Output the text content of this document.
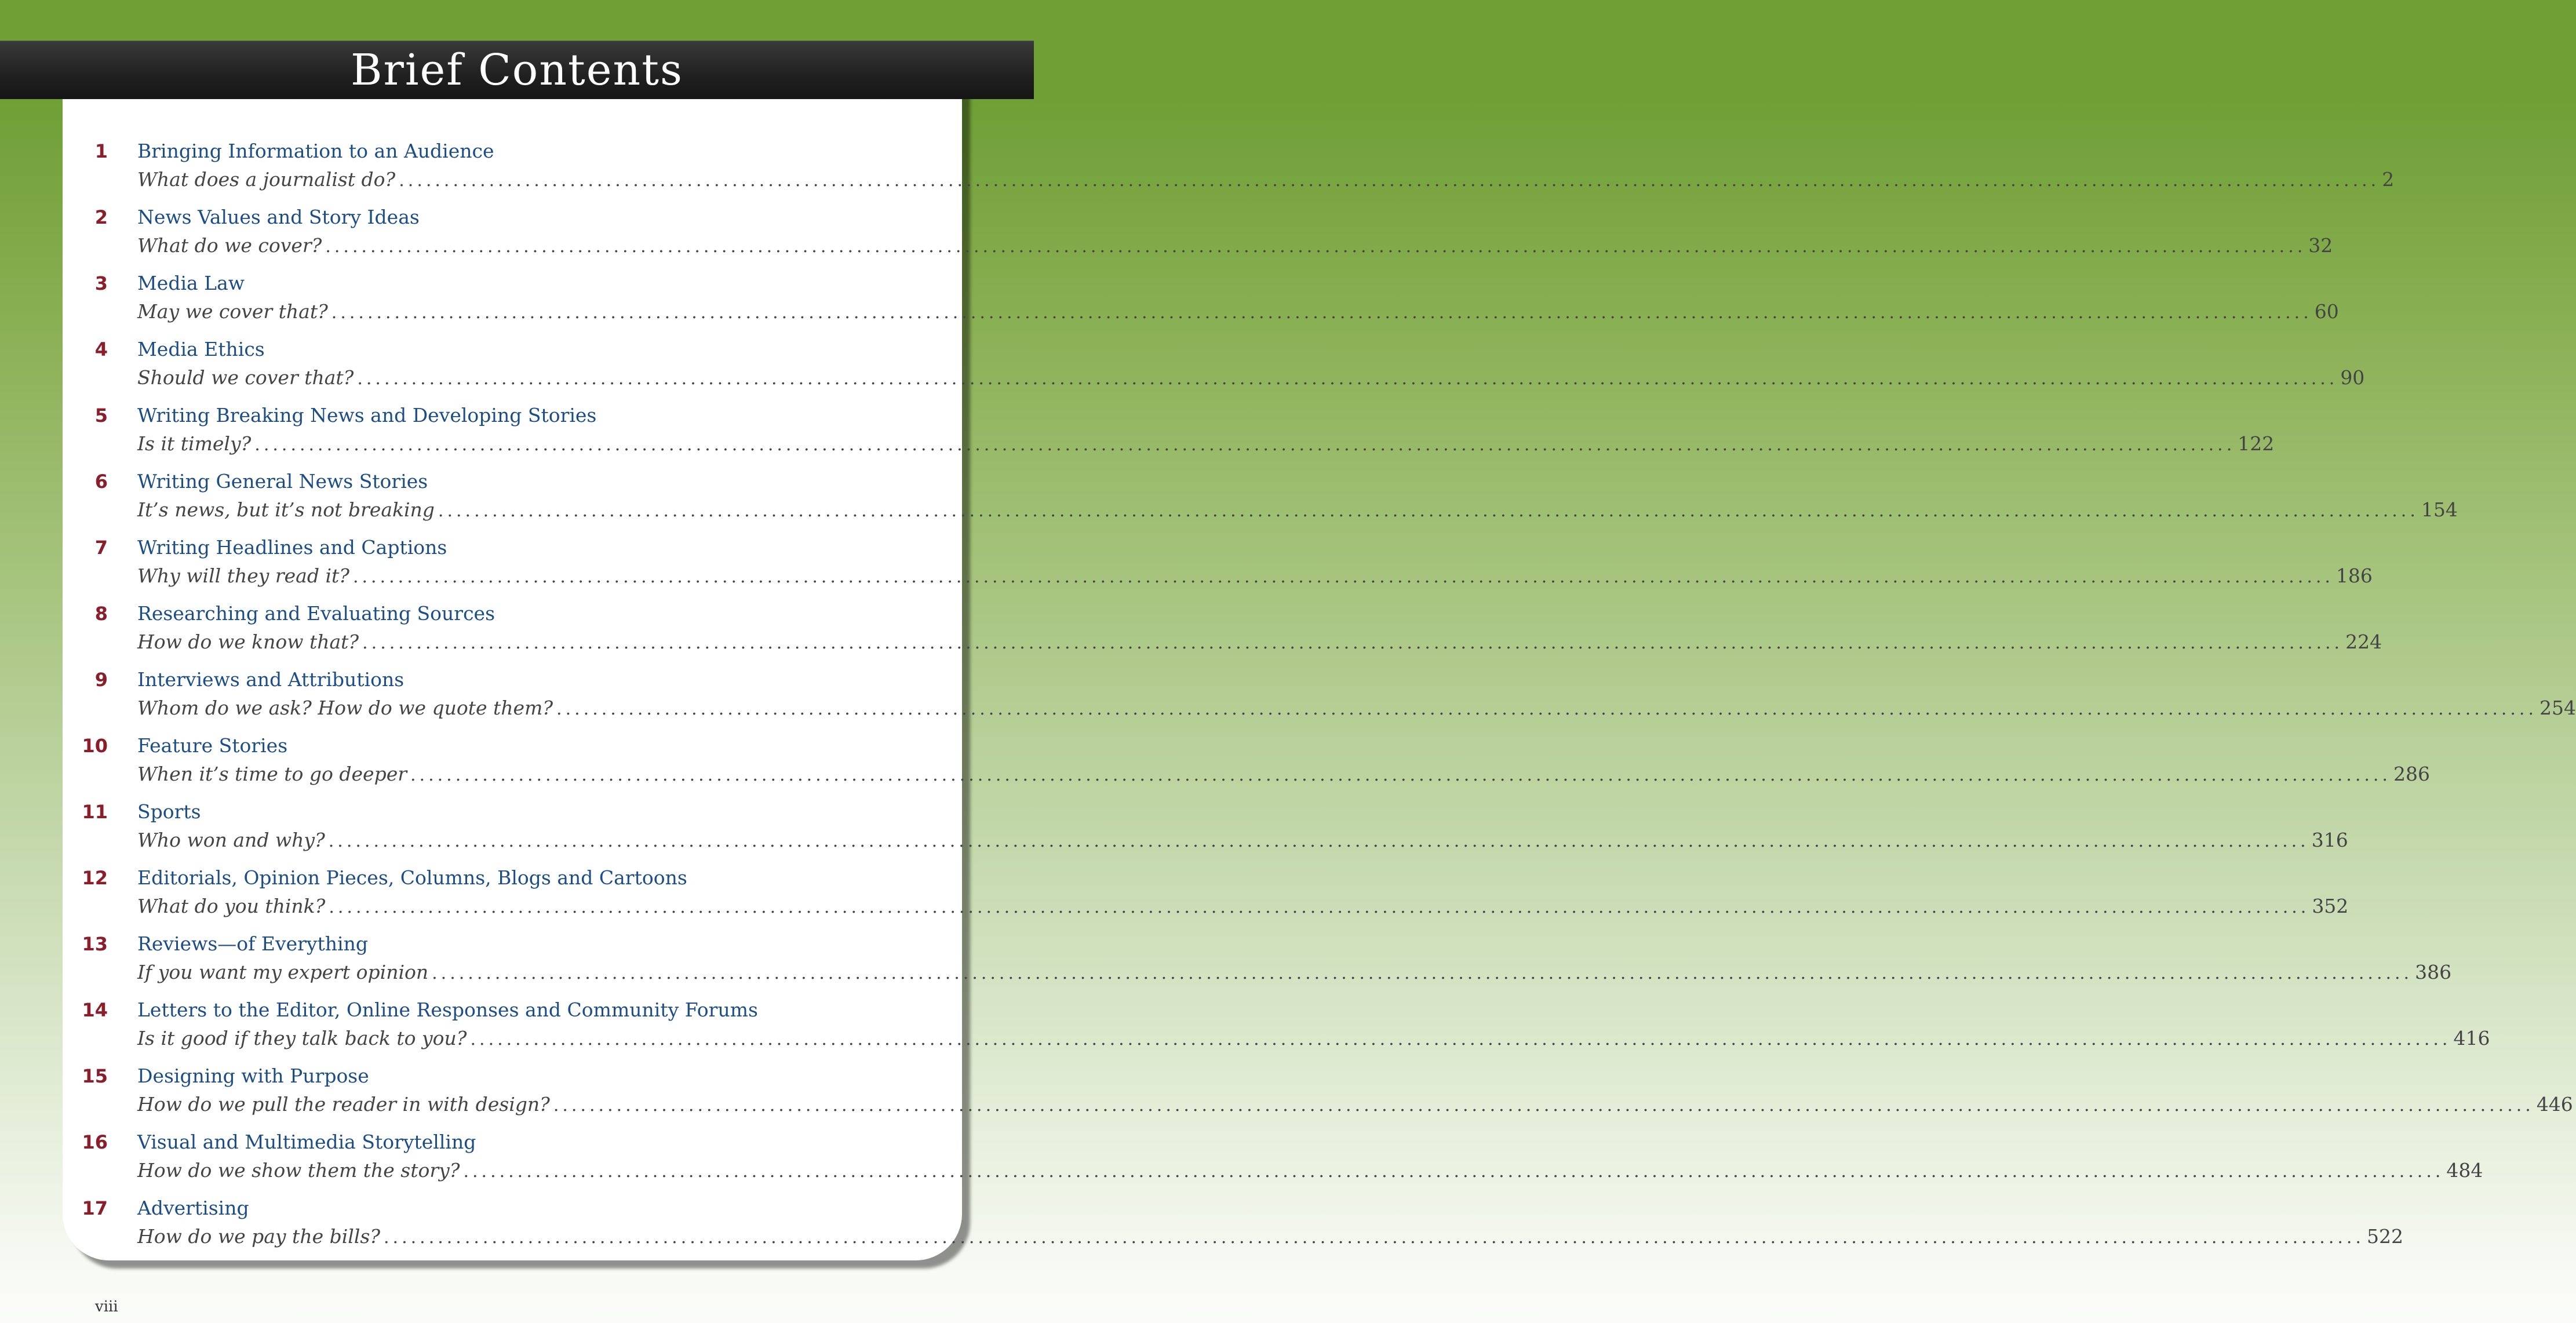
Brief Contents
1 Bringing Information to an Audience
What does a journalist do? ............................................................................................................................................................................................................................ 2
2 News Values and Story Ideas
What do we cover? ............................................................................................................................................................................................................................ 32
3 Media Law
May we cover that? ............................................................................................................................................................................................................................ 60
4 Media Ethics
Should we cover that? ............................................................................................................................................................................................................................ 90
5 Writing Breaking News and Developing Stories
Is it timely? ............................................................................................................................................................................................................................ 122
6 Writing General News Stories
It’s news, but it’s not breaking ............................................................................................................................................................................................................................ 154
7 Writing Headlines and Captions
Why will they read it? ............................................................................................................................................................................................................................ 186
8 Researching and Evaluating Sources
How do we know that? ............................................................................................................................................................................................................................ 224
9 Interviews and Attributions
Whom do we ask? How do we quote them? ............................................................................................................................................................................................................................ 254
10 Feature Stories
When it’s time to go deeper ............................................................................................................................................................................................................................ 286
11 Sports
Who won and why? ............................................................................................................................................................................................................................ 316
12 Editorials, Opinion Pieces, Columns, Blogs and Cartoons
What do you think? ............................................................................................................................................................................................................................ 352
13 Reviews—of Everything
If you want my expert opinion ............................................................................................................................................................................................................................ 386
14 Letters to the Editor, Online Responses and Community Forums
Is it good if they talk back to you? ............................................................................................................................................................................................................................ 416
15 Designing with Purpose
How do we pull the reader in with design? ............................................................................................................................................................................................................................ 446
16 Visual and Multimedia Storytelling
How do we show them the story? ............................................................................................................................................................................................................................ 484
17 Advertising
How do we pay the bills? ............................................................................................................................................................................................................................ 522
viii
